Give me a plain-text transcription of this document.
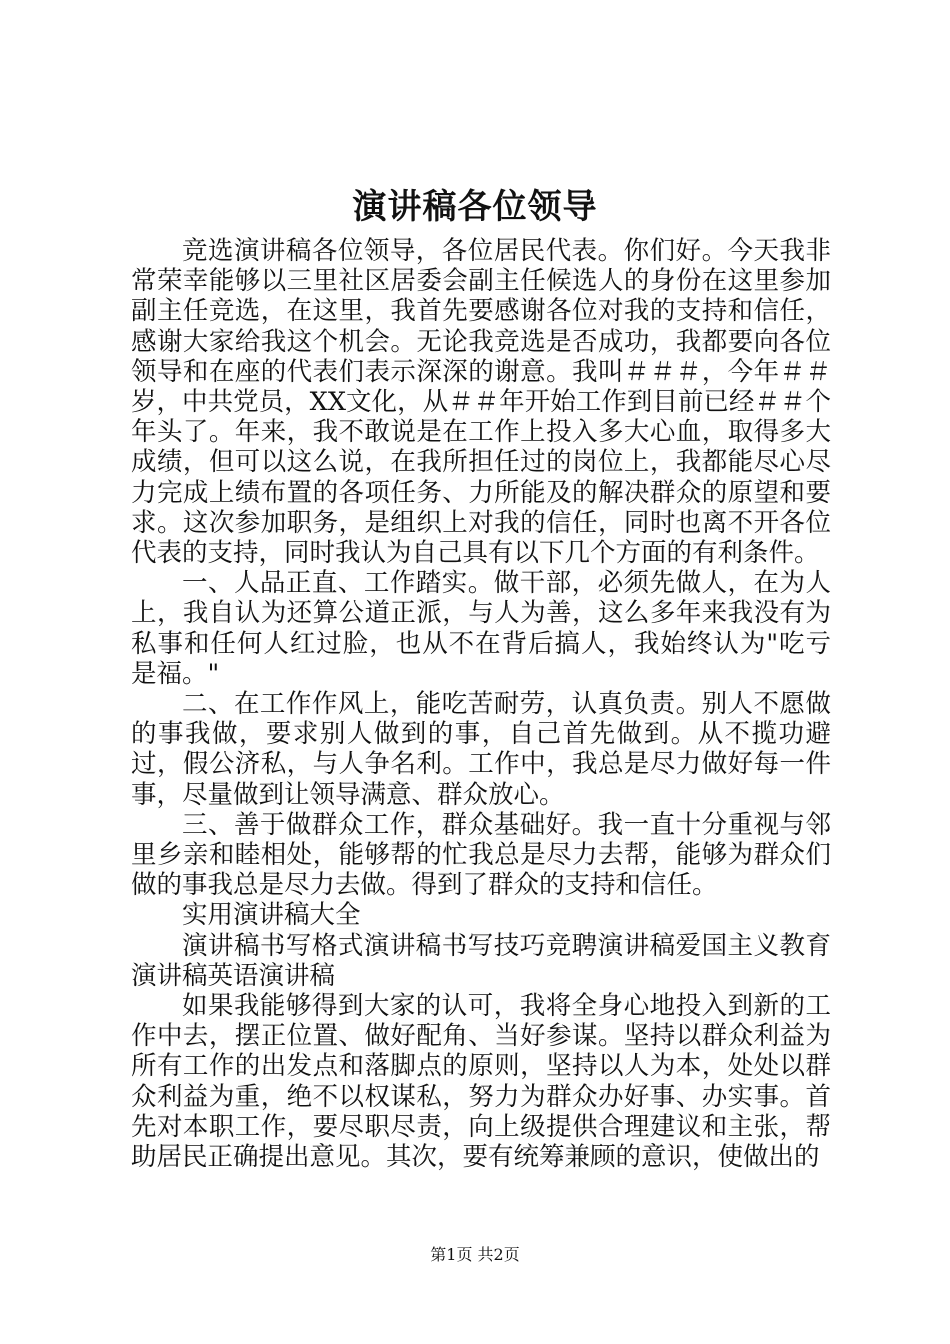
演讲稿各位领导

竞选演讲稿各位领导，各位居民代表。你们好。今天我非常荣幸能够以三里社区居委会副主任候选人的身份在这里参加副主任竞选，在这里，我首先要感谢各位对我的支持和信任，感谢大家给我这个机会。无论我竞选是否成功，我都要向各位领导和在座的代表们表示深深的谢意。我叫＃＃＃，今年＃＃岁，中共党员，XX文化，从＃＃年开始工作到目前已经＃＃个年头了。年来，我不敢说是在工作上投入多大心血，取得多大成绩，但可以这么说，在我所担任过的岗位上，我都能尽心尽力完成上绩布置的各项任务、力所能及的解决群众的原望和要求。这次参加职务，是组织上对我的信任，同时也离不开各位代表的支持，同时我认为自己具有以下几个方面的有利条件。

一、人品正直、工作踏实。做干部，必须先做人，在为人上，我自认为还算公道正派，与人为善，这么多年来我没有为私事和任何人红过脸，也从不在背后搞人，我始终认为"吃亏是福。"

二、在工作作风上，能吃苦耐劳，认真负责。别人不愿做的事我做，要求别人做到的事，自己首先做到。从不揽功避过，假公济私，与人争名利。工作中，我总是尽力做好每一件事，尽量做到让领导满意、群众放心。

三、善于做群众工作，群众基础好。我一直十分重视与邻里乡亲和睦相处，能够帮的忙我总是尽力去帮，能够为群众们做的事我总是尽力去做。得到了群众的支持和信任。

实用演讲稿大全

演讲稿书写格式演讲稿书写技巧竞聘演讲稿爱国主义教育演讲稿英语演讲稿

如果我能够得到大家的认可，我将全身心地投入到新的工作中去，摆正位置、做好配角、当好参谋。坚持以群众利益为所有工作的出发点和落脚点的原则，坚持以人为本，处处以群众利益为重，绝不以权谋私，努力为群众办好事、办实事。首先对本职工作，要尽职尽责，向上级提供合理建议和主张，帮助居民正确提出意见。其次，要有统筹兼顾的意识，使做出的

第1页 共2页
